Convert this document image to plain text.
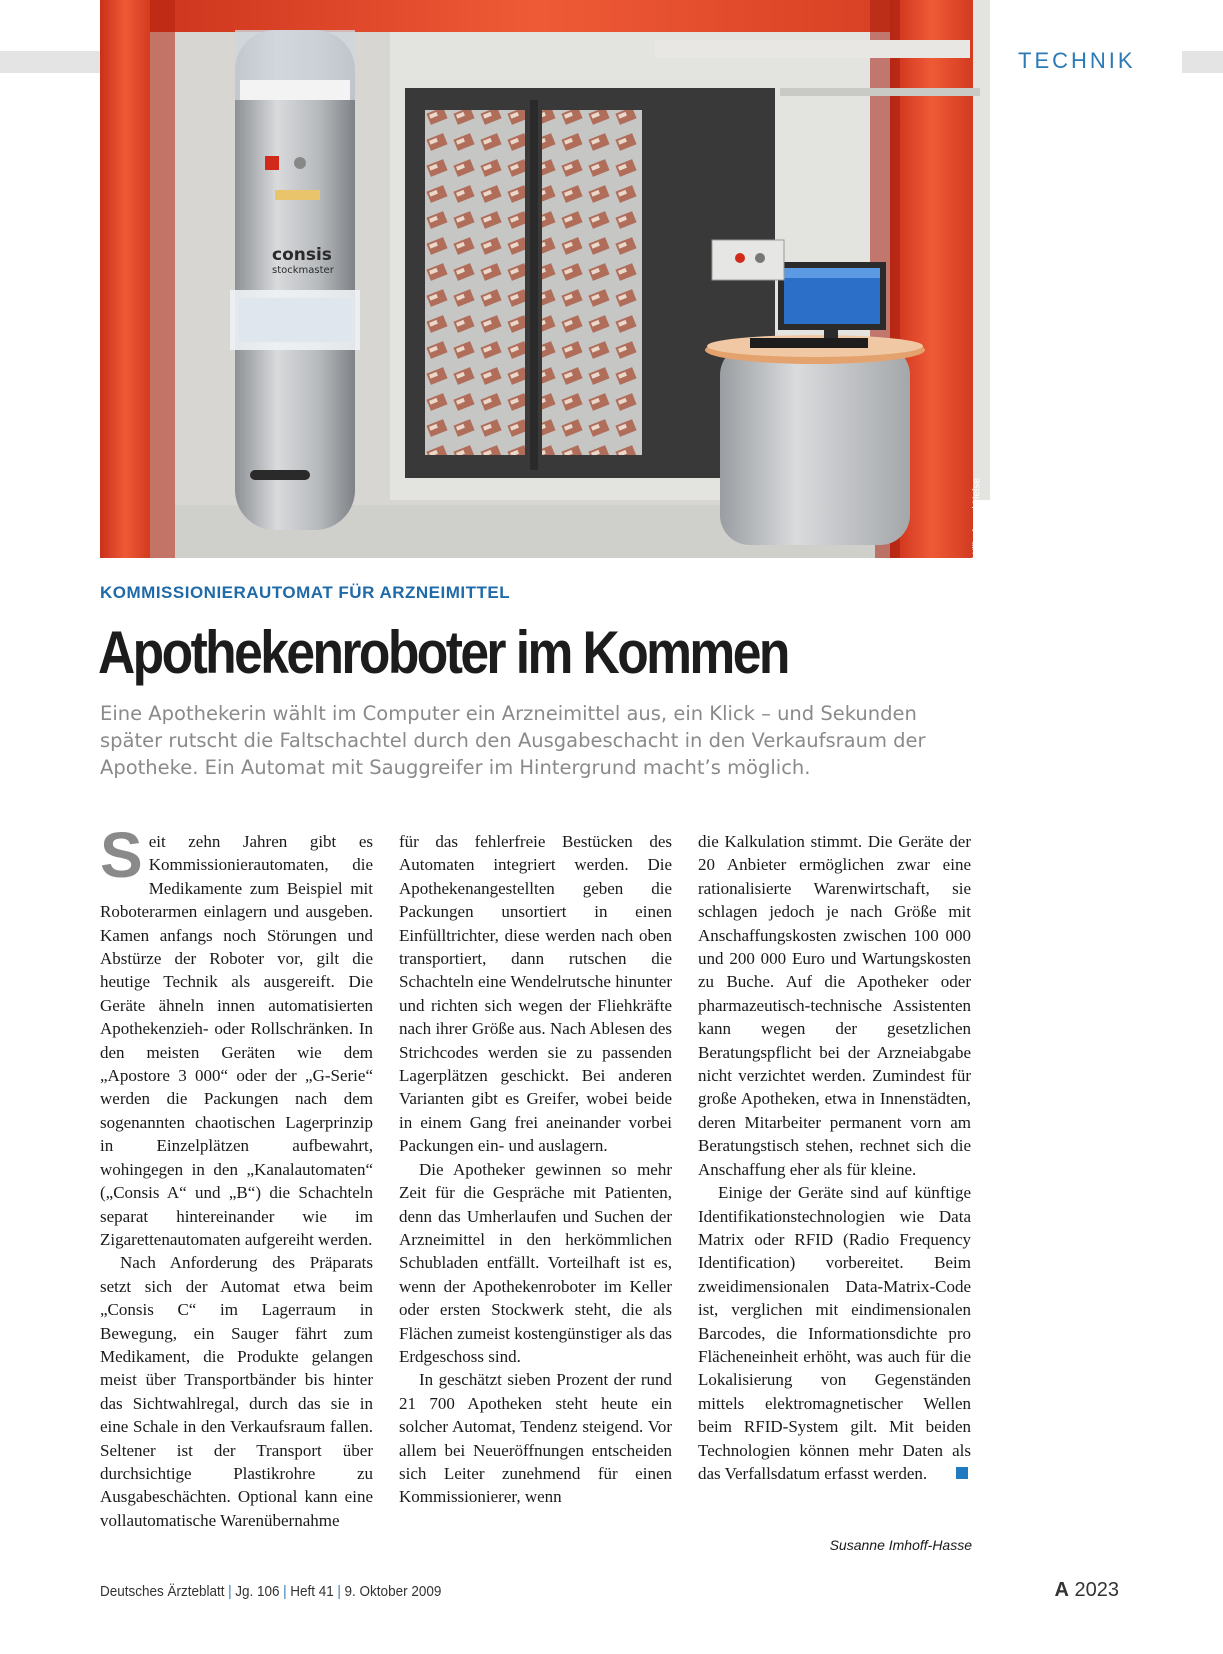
TECHNIK
consis
stockmaster
Foto: Willach und Heise
KOMMISSIONIERAUTOMAT FÜR ARZNEIMITTEL
Apothekenroboter im Kommen

Eine Apothekerin wählt im Computer ein Arzneimittel aus, ein Klick – und Sekunden später rutscht die Faltschachtel durch den Ausgabeschacht in den Verkaufsraum der Apotheke. Ein Automat mit Sauggreifer im Hintergrund macht’s möglich.

Seit zehn Jahren gibt es Kommissionierautomaten, die Medikamente zum Beispiel mit Roboterarmen einlagern und ausgeben. Kamen anfangs noch Störungen und Abstürze der Roboter vor, gilt die heutige Technik als ausgereift. Die Geräte ähneln innen automatisierten Apothekenzieh- oder Rollschränken. In den meisten Geräten wie dem „Apostore 3 000“ oder der „G-Serie“ werden die Packungen nach dem sogenannten chaotischen Lagerprinzip in Einzelplätzen aufbewahrt, wohingegen in den „Kanalautomaten“ („Consis A“ und „B“) die Schachteln separat hintereinander wie im Zigarettenautomaten aufgereiht werden.

Nach Anforderung des Präparats setzt sich der Automat etwa beim „Consis C“ im Lagerraum in Bewegung, ein Sauger fährt zum Medikament, die Produkte gelangen meist über Transportbänder bis hinter das Sichtwahlregal, durch das sie in eine Schale in den Verkaufsraum fallen. Seltener ist der Transport über durchsichtige Plastikrohre zu Ausgabeschächten. Optional kann eine vollautomatische Warenübernahme

für das fehlerfreie Bestücken des Automaten integriert werden. Die Apothekenangestellten geben die Packungen unsortiert in einen Einfülltrichter, diese werden nach oben transportiert, dann rutschen die Schachteln eine Wendelrutsche hinunter und richten sich wegen der Fliehkräfte nach ihrer Größe aus. Nach Ablesen des Strichcodes werden sie zu passenden Lagerplätzen geschickt. Bei anderen Varianten gibt es Greifer, wobei beide in einem Gang frei aneinander vorbei Packungen ein- und auslagern.

Die Apotheker gewinnen so mehr Zeit für die Gespräche mit Patienten, denn das Umherlaufen und Suchen der Arzneimittel in den herkömmlichen Schubladen entfällt. Vorteilhaft ist es, wenn der Apothekenroboter im Keller oder ersten Stockwerk steht, die als Flächen zumeist kostengünstiger als das Erdgeschoss sind.

In geschätzt sieben Prozent der rund 21 700 Apotheken steht heute ein solcher Automat, Tendenz steigend. Vor allem bei Neueröffnungen entscheiden sich Leiter zunehmend für einen Kommissionierer, wenn

die Kalkulation stimmt. Die Geräte der 20 Anbieter ermöglichen zwar eine rationalisierte Warenwirtschaft, sie schlagen jedoch je nach Größe mit Anschaffungskosten zwischen 100 000 und 200 000 Euro und Wartungskosten zu Buche. Auf die Apotheker oder pharmazeutisch-technische Assistenten kann wegen der gesetzlichen Beratungspflicht bei der Arzneiabgabe nicht verzichtet werden. Zumindest für große Apotheken, etwa in Innenstädten, deren Mitarbeiter permanent vorn am Beratungstisch stehen, rechnet sich die Anschaffung eher als für kleine.

Einige der Geräte sind auf künftige Identifikationstechnologien wie Data Matrix oder RFID (Radio Frequency Identification) vorbereitet. Beim zweidimensionalen Data-Matrix-Code ist, verglichen mit eindimensionalen Barcodes, die Informationsdichte pro Flächeneinheit erhöht, was auch für die Lokalisierung von Gegenständen mittels elektromagnetischer Wellen beim RFID-System gilt. Mit beiden Technologien können mehr Daten als das Verfallsdatum erfasst werden.

Susanne Imhoff-Hasse
Deutsches Ärzteblatt | Jg. 106 | Heft 41 | 9. Oktober 2009	A 2023
